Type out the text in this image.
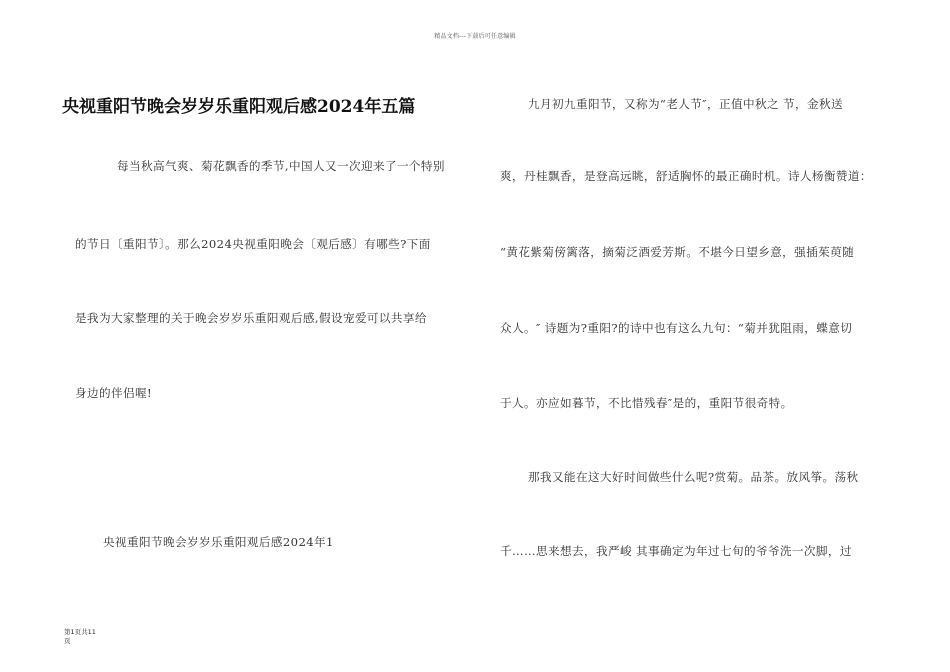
精品文档---下载后可任意编辑
央视重阳节晚会岁岁乐重阳观后感2024年五篇
每当秋高气爽、菊花飘香的季节,中国人又一次迎来了一个特别
的节日〔重阳节〕。那么2024央视重阳晚会〔观后感〕有哪些?下面
是我为大家整理的关于晚会岁岁乐重阳观后感,假设宠爱可以共享给
身边的伴侣喔!
央视重阳节晚会岁岁乐重阳观后感2024年1
九月初九重阳节，又称为“老人节″，正值中秋之 节，金秋送
爽，丹桂飘香，是登高远眺，舒适胸怀的最正确时机。诗人杨衡赞道：
“黄花紫菊傍篱落，摘菊泛酒爱芳斯。不堪今日望乡意，强插茱萸随
众人。″ 诗题为?重阳?的诗中也有这么九句：“菊并犹阻雨，蝶意切
于人。亦应如暮节，不比惜残春″是的，重阳节很奇特。
那我又能在这大好时间做些什么呢?赏菊。品茶。放风筝。荡秋
千……思来想去，我严峻 其事确定为年过七旬的爷爷洗一次脚，过
第1页共11
页
